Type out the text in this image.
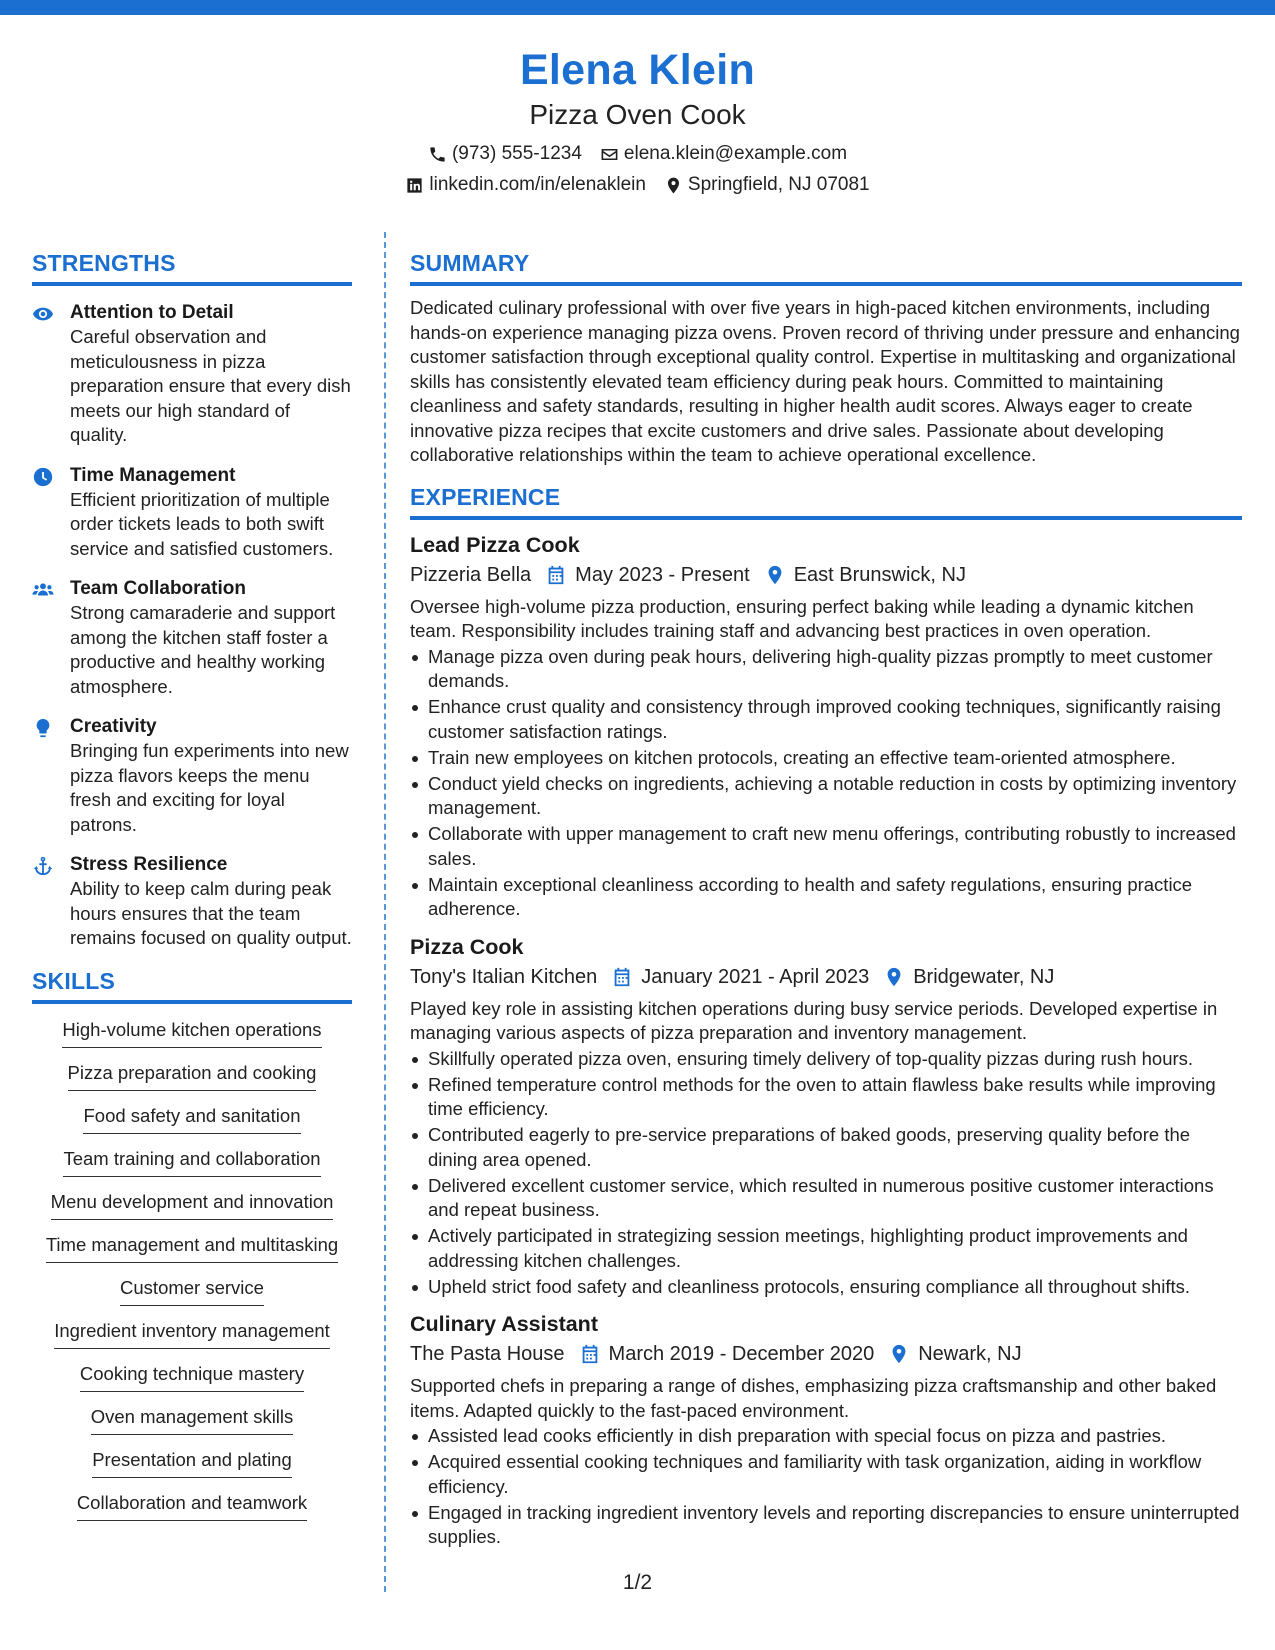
Elena Klein
Pizza Oven Cook
(973) 555-1234 elena.klein@example.com
linkedin.com/in/elenaklein Springfield, NJ 07081
STRENGTHS
Attention to Detail
Careful observation and meticulousness in pizza preparation ensure that every dish meets our high standard of quality.
Time Management
Efficient prioritization of multiple order tickets leads to both swift service and satisfied customers.
Team Collaboration
Strong camaraderie and support among the kitchen staff foster a productive and healthy working atmosphere.
Creativity
Bringing fun experiments into new pizza flavors keeps the menu fresh and exciting for loyal patrons.
Stress Resilience
Ability to keep calm during peak hours ensures that the team remains focused on quality output.
SKILLS
High-volume kitchen operations
Pizza preparation and cooking
Food safety and sanitation
Team training and collaboration
Menu development and innovation
Time management and multitasking
Customer service
Ingredient inventory management
Cooking technique mastery
Oven management skills
Presentation and plating
Collaboration and teamwork
SUMMARY

Dedicated culinary professional with over five years in high-paced kitchen environments, including hands-on experience managing pizza ovens. Proven record of thriving under pressure and enhancing customer satisfaction through exceptional quality control. Expertise in multitasking and organizational skills has consistently elevated team efficiency during peak hours. Committed to maintaining cleanliness and safety standards, resulting in higher health audit scores. Always eager to create innovative pizza recipes that excite customers and drive sales. Passionate about developing collaborative relationships within the team to achieve operational excellence.

EXPERIENCE
Lead Pizza Cook
Pizzeria Bella May 2023 - Present East Brunswick, NJ

Oversee high-volume pizza production, ensuring perfect baking while leading a dynamic kitchen team. Responsibility includes training staff and advancing best practices in oven operation.

Manage pizza oven during peak hours, delivering high-quality pizzas promptly to meet customer demands.
Enhance crust quality and consistency through improved cooking techniques, significantly raising customer satisfaction ratings.
Train new employees on kitchen protocols, creating an effective team-oriented atmosphere.
Conduct yield checks on ingredients, achieving a notable reduction in costs by optimizing inventory management.
Collaborate with upper management to craft new menu offerings, contributing robustly to increased sales.
Maintain exceptional cleanliness according to health and safety regulations, ensuring practice adherence.
Pizza Cook
Tony's Italian Kitchen January 2021 - April 2023 Bridgewater, NJ

Played key role in assisting kitchen operations during busy service periods. Developed expertise in managing various aspects of pizza preparation and inventory management.

Skillfully operated pizza oven, ensuring timely delivery of top-quality pizzas during rush hours.
Refined temperature control methods for the oven to attain flawless bake results while improving time efficiency.
Contributed eagerly to pre-service preparations of baked goods, preserving quality before the dining area opened.
Delivered excellent customer service, which resulted in numerous positive customer interactions and repeat business.
Actively participated in strategizing session meetings, highlighting product improvements and addressing kitchen challenges.
Upheld strict food safety and cleanliness protocols, ensuring compliance all throughout shifts.
Culinary Assistant
The Pasta House March 2019 - December 2020 Newark, NJ

Supported chefs in preparing a range of dishes, emphasizing pizza craftsmanship and other baked items. Adapted quickly to the fast-paced environment.

Assisted lead cooks efficiently in dish preparation with special focus on pizza and pastries.
Acquired essential cooking techniques and familiarity with task organization, aiding in workflow efficiency.
Engaged in tracking ingredient inventory levels and reporting discrepancies to ensure uninterrupted supplies.
1/2
